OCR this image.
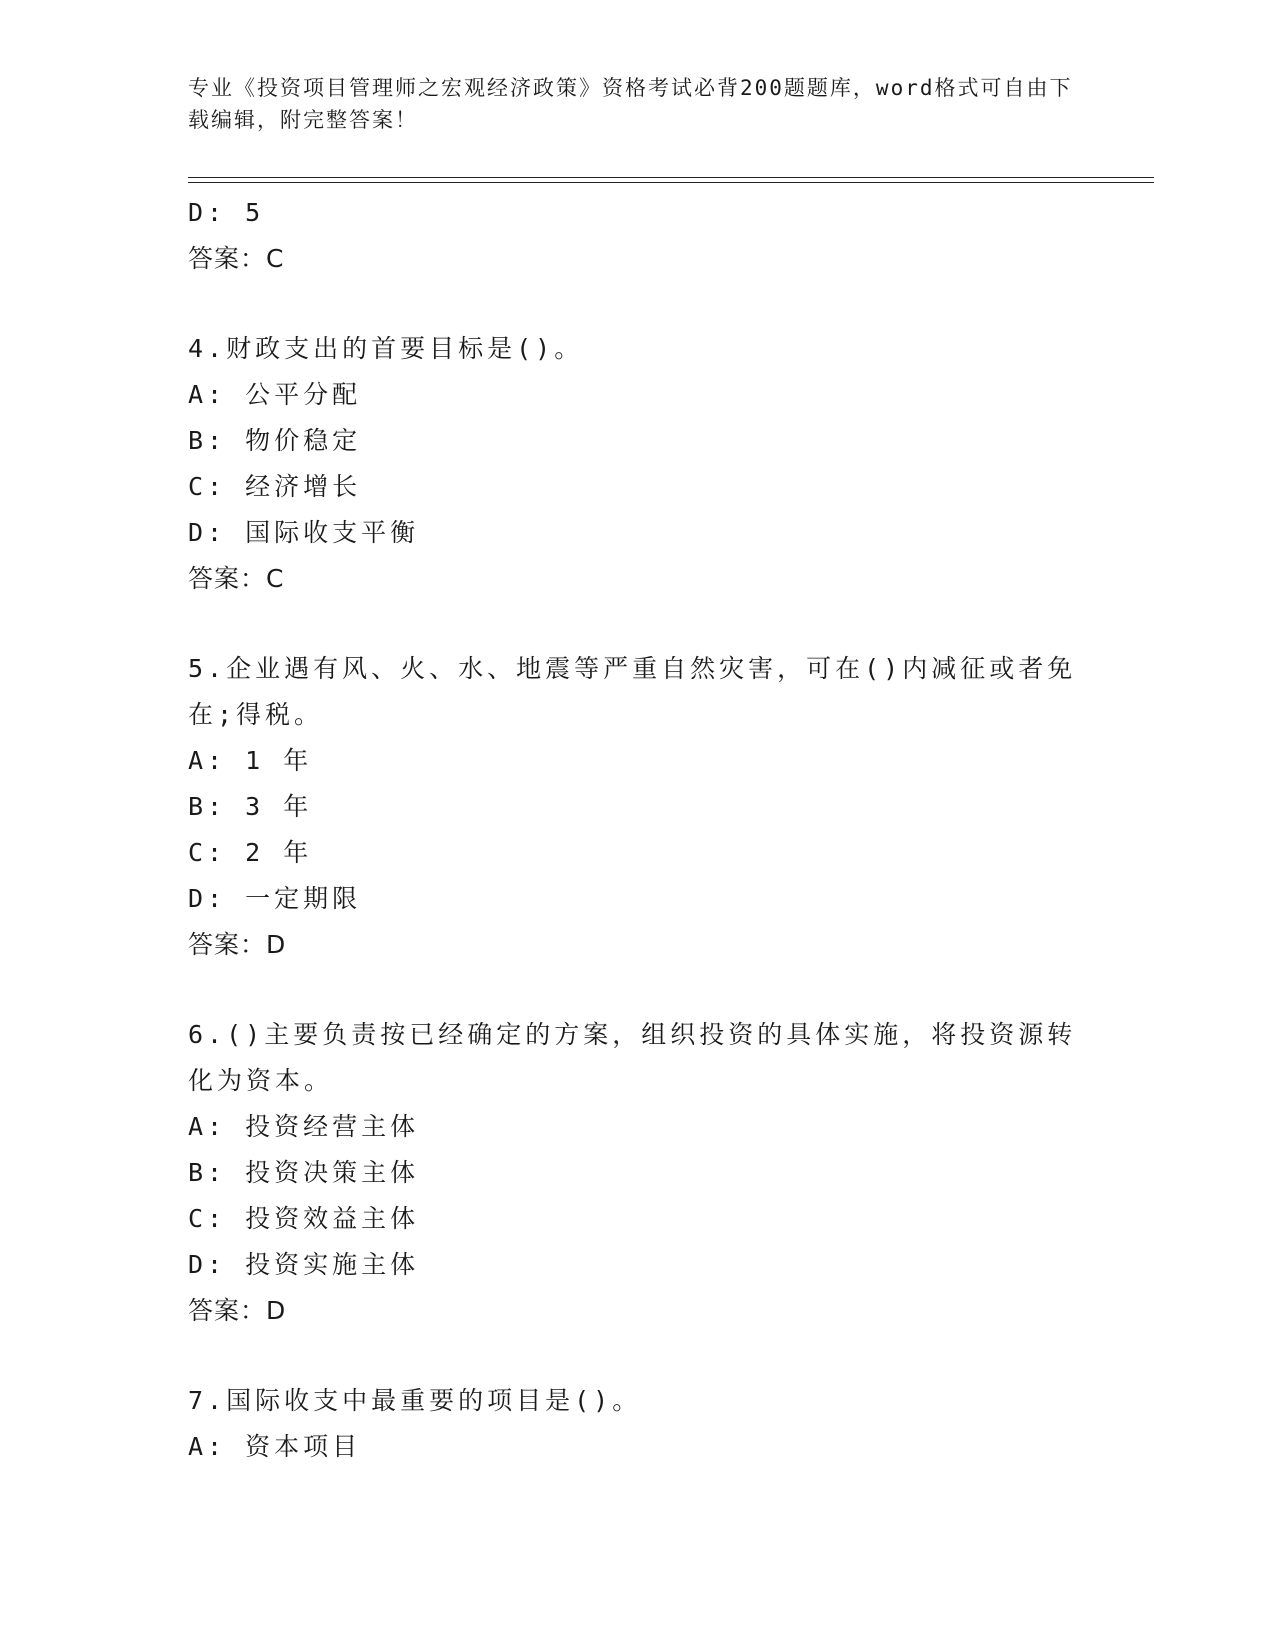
专业《投资项目管理师之宏观经济政策》资格考试必背200题题库，word格式可自由下载编辑，附完整答案！
D: 5
答案：C
4.财政支出的首要目标是()。
A: 公平分配
B: 物价稳定
C: 经济增长
D: 国际收支平衡
答案：C
5.企业遇有风、火、水、地震等严重自然灾害，可在()内减征或者免在;得税。
A: 1 年
B: 3 年
C: 2 年
D: 一定期限
答案：D
6.()主要负责按已经确定的方案，组织投资的具体实施，将投资源转化为资本。
A: 投资经营主体
B: 投资决策主体
C: 投资效益主体
D: 投资实施主体
答案：D
7.国际收支中最重要的项目是()。
A: 资本项目
